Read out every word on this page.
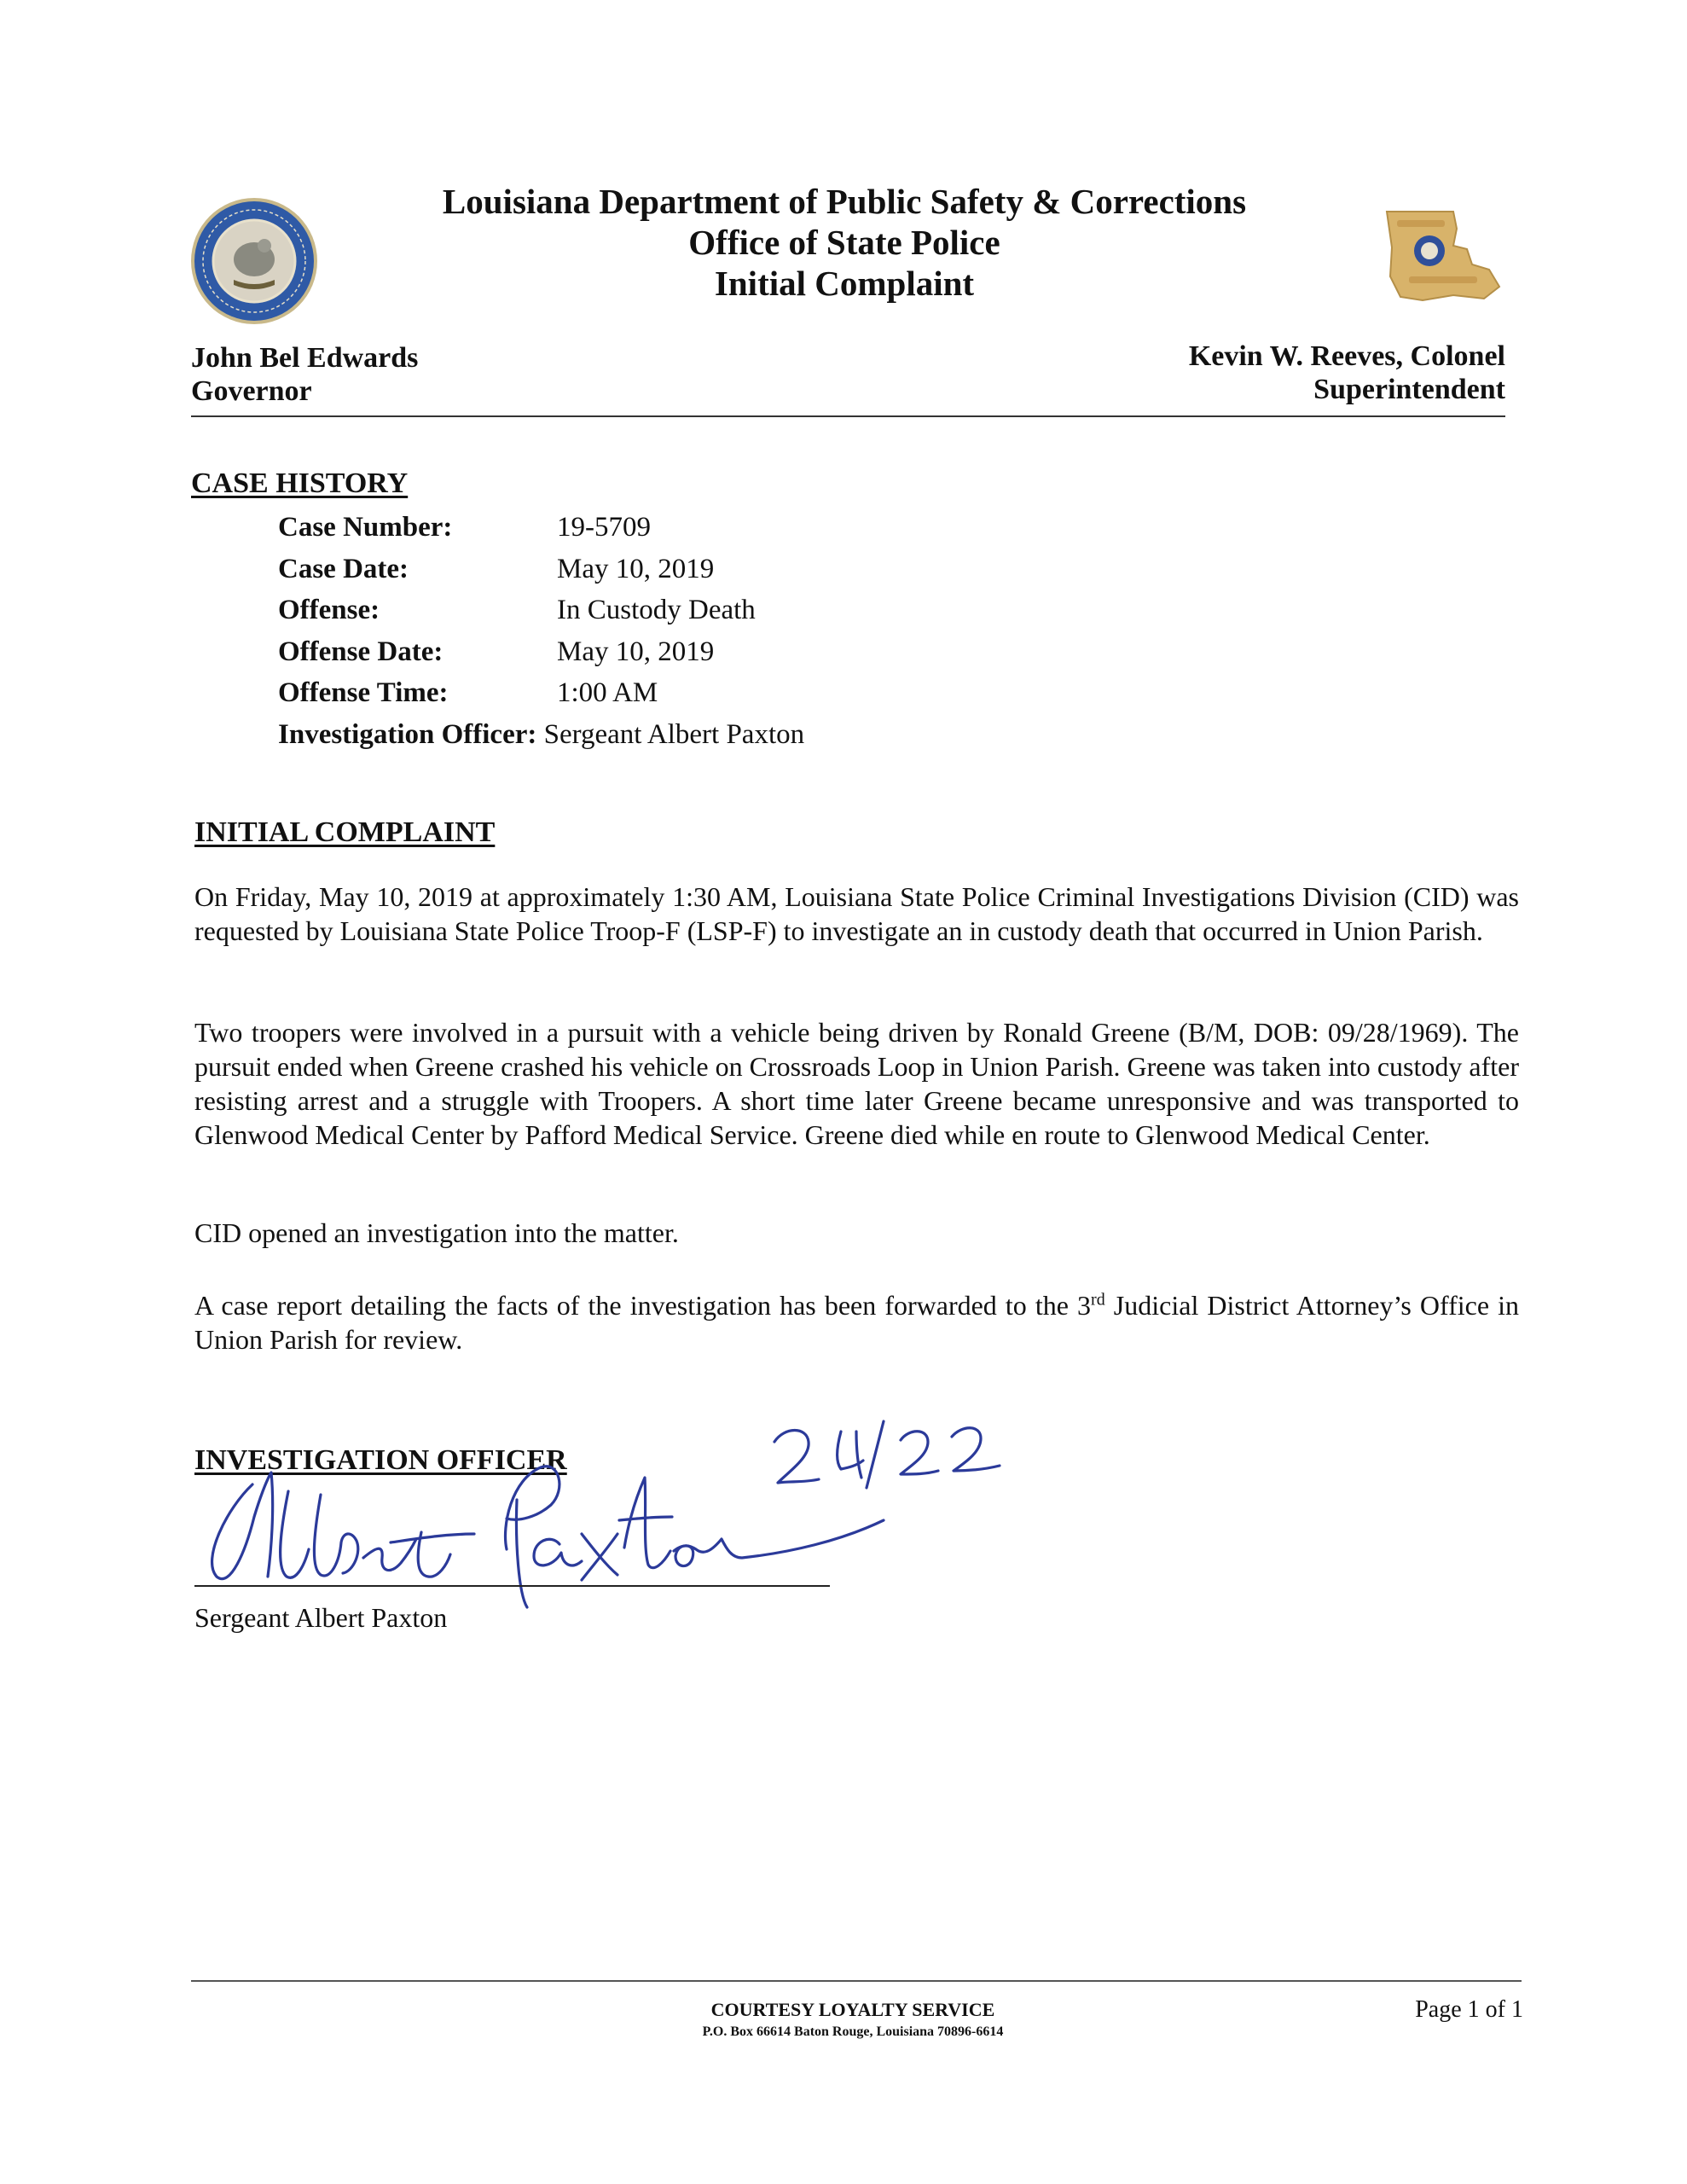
Louisiana Department of Public Safety & Corrections
Office of State Police
Initial Complaint
John Bel Edwards
Governor
Kevin W. Reeves, Colonel
Superintendent
CASE HISTORY
Case Number:	19-5709
Case Date:	May 10, 2019
Offense:	In Custody Death
Offense Date:	May 10, 2019
Offense Time:	1:00 AM
Investigation Officer: Sergeant Albert Paxton
INITIAL COMPLAINT
On Friday, May 10, 2019 at approximately 1:30 AM, Louisiana State Police Criminal Investigations Division (CID) was requested by Louisiana State Police Troop-F (LSP-F) to investigate an in custody death that occurred in Union Parish.
Two troopers were involved in a pursuit with a vehicle being driven by Ronald Greene (B/M, DOB: 09/28/1969). The pursuit ended when Greene crashed his vehicle on Crossroads Loop in Union Parish. Greene was taken into custody after resisting arrest and a struggle with Troopers. A short time later Greene became unresponsive and was transported to Glenwood Medical Center by Pafford Medical Service. Greene died while en route to Glenwood Medical Center.
CID opened an investigation into the matter.
A case report detailing the facts of the investigation has been forwarded to the 3rd Judicial District Attorney’s Office in Union Parish for review.
INVESTIGATION OFFICER
Sergeant Albert Paxton
COURTESY LOYALTY SERVICE
P.O. Box 66614 Baton Rouge, Louisiana 70896-6614
Page 1 of 1
